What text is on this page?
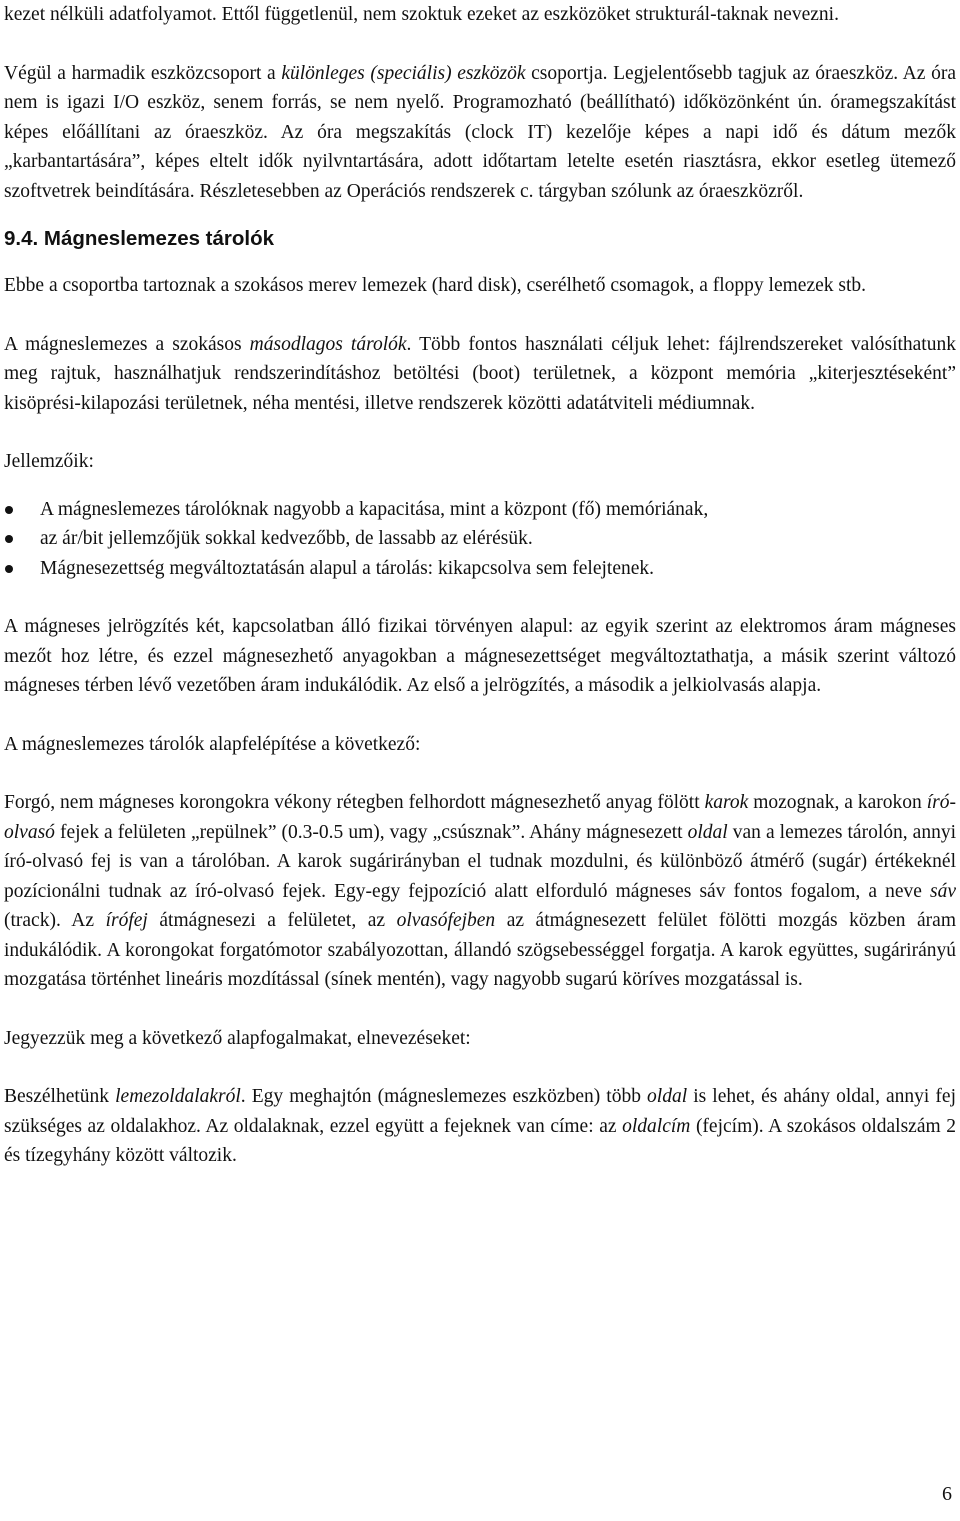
kezet nélküli adatfolyamot. Ettől függetlenül, nem szoktuk ezeket az eszközöket strukturál-taknak nevezni.

Végül a harmadik eszközcsoport a különleges (speciális) eszközök csoportja. Legjelentősebb tagjuk az óraeszköz. Az óra nem is igazi I/O eszköz, senem forrás, se nem nyelő. Programozható (beállítható) időközönként ún. óramegszakítást képes előállítani az óraeszköz. Az óra megszakítás (clock IT) kezelője képes a napi idő és dátum mezők „karbantartására”, képes eltelt idők nyilvntartására, adott időtartam letelte esetén riasztásra, ekkor esetleg ütemező szoftvetrek beindítására. Részletesebben az Operációs rendszerek c. tárgyban szólunk az óraeszközről.

9.4. Mágneslemezes tárolók

Ebbe a csoportba tartoznak a szokásos merev lemezek (hard disk), cserélhető csomagok, a floppy lemezek stb.

A mágneslemezes a szokásos másodlagos tárolók. Több fontos használati céljuk lehet: fájlrendszereket valósíthatunk meg rajtuk, használhatjuk rendszerindításhoz betöltési (boot) területnek, a központ memória „kiterjesztéseként” kisöprési-kilapozási területnek, néha mentési, illetve rendszerek közötti adatátviteli médiumnak.

Jellemzőik:

A mágneslemezes tárolóknak nagyobb a kapacitása, mint a központ (fő) memóriának,
az ár/bit jellemzőjük sokkal kedvezőbb, de lassabb az elérésük.
Mágnesezettség megváltoztatásán alapul a tárolás: kikapcsolva sem felejtenek.

A mágneses jelrögzítés két, kapcsolatban álló fizikai törvényen alapul: az egyik szerint az elektromos áram mágneses mezőt hoz létre, és ezzel mágnesezhető anyagokban a mágnesezettséget megváltoztathatja, a másik szerint változó mágneses térben lévő vezetőben áram indukálódik. Az első a jelrögzítés, a második a jelkiolvasás alapja.

A mágneslemezes tárolók alapfelépítése a következő:

Forgó, nem mágneses korongokra vékony rétegben felhordott mágnesezhető anyag fölött karok mozognak, a karokon író-olvasó fejek a felületen „repülnek” (0.3-0.5 um), vagy „csúsznak”. Ahány mágnesezett oldal van a lemezes tárolón, annyi író-olvasó fej is van a tárolóban. A karok sugárirányban el tudnak mozdulni, és különböző átmérő (sugár) értékeknél pozícionálni tudnak az író-olvasó fejek. Egy-egy fejpozíció alatt elforduló mágneses sáv fontos fogalom, a neve sáv (track). Az írófej átmágnesezi a felületet, az olvasófejben az átmágnesezett felület fölötti mozgás közben áram indukálódik. A korongokat forgatómotor szabályozottan, állandó szögsebességgel forgatja. A karok együttes, sugárirányú mozgatása történhet lineáris mozdítással (sínek mentén), vagy nagyobb sugarú köríves mozgatással is.

Jegyezzük meg a következő alapfogalmakat, elnevezéseket:

Beszélhetünk lemezoldalakról. Egy meghajtón (mágneslemezes eszközben) több oldal is lehet, és ahány oldal, annyi fej szükséges az oldalakhoz. Az oldalaknak, ezzel együtt a fejeknek van címe: az oldalcím (fejcím). A szokásos oldalszám 2 és tízegyhány között változik.

6
